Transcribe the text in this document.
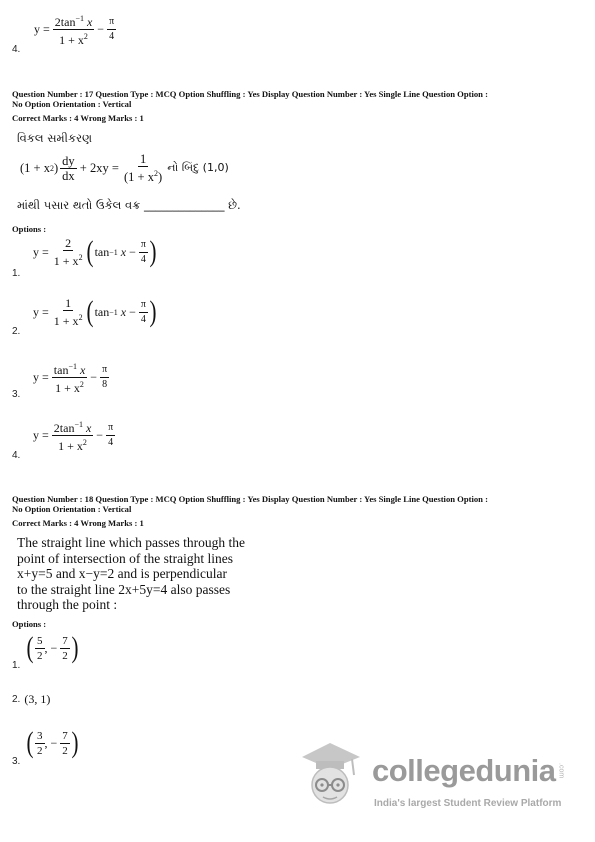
$y = \frac{2\tan^{-1} x}{1 + x^2}$
−
$\frac{\pi}{4}$
4.
Question Number : 17 Question Type : MCQ Option Shuffling : Yes Display Question Number : Yes Single Line Question Option :
No Option Orientation : Vertical
Correct Marks : 4 Wrong Marks : 1
વિકલ સમીકરણ
(1 + x 2 ) $\frac{dy}{dx}$
+ 2xy =
$\frac{1}{(1 + x^2)}$
નો બિંદુ (1,0)
માંથી પસાર થતો ઉકેલ વક્ર ______________ છે.
Options :
y =
$\frac{2}{1 + x^2}$ ( tan −1
x
−
$\frac{\pi}{4}$ )
1.
y =
$\frac{1}{1 + x^2}$ ( tan −1
x
−
$\frac{\pi}{4}$ )
2.
y =
$\frac{\tan^{-1} x}{1 + x^2}$
−
$\frac{\pi}{8}$
3.
y =
$\frac{2\tan^{-1} x}{1 + x^2}$
−
$\frac{\pi}{4}$
4.
Question Number : 18 Question Type : MCQ Option Shuffling : Yes Display Question Number : Yes Single Line Question Option :
No Option Orientation : Vertical
Correct Marks : 4 Wrong Marks : 1
The straight line which passes through the
point of intersection of the straight lines
x+y=5 and x−y=2 and is perpendicular
to the straight line 2x+5y=4 also passes
through the point :
Options :
( $\frac{5}{2}$ , −
$\frac{7}{2}$ )
1.
2.
(3, 1)
( $\frac{3}{2}$ , −
$\frac{7}{2}$ )
3.	collegedunia .com
India's largest Student Review Platform
